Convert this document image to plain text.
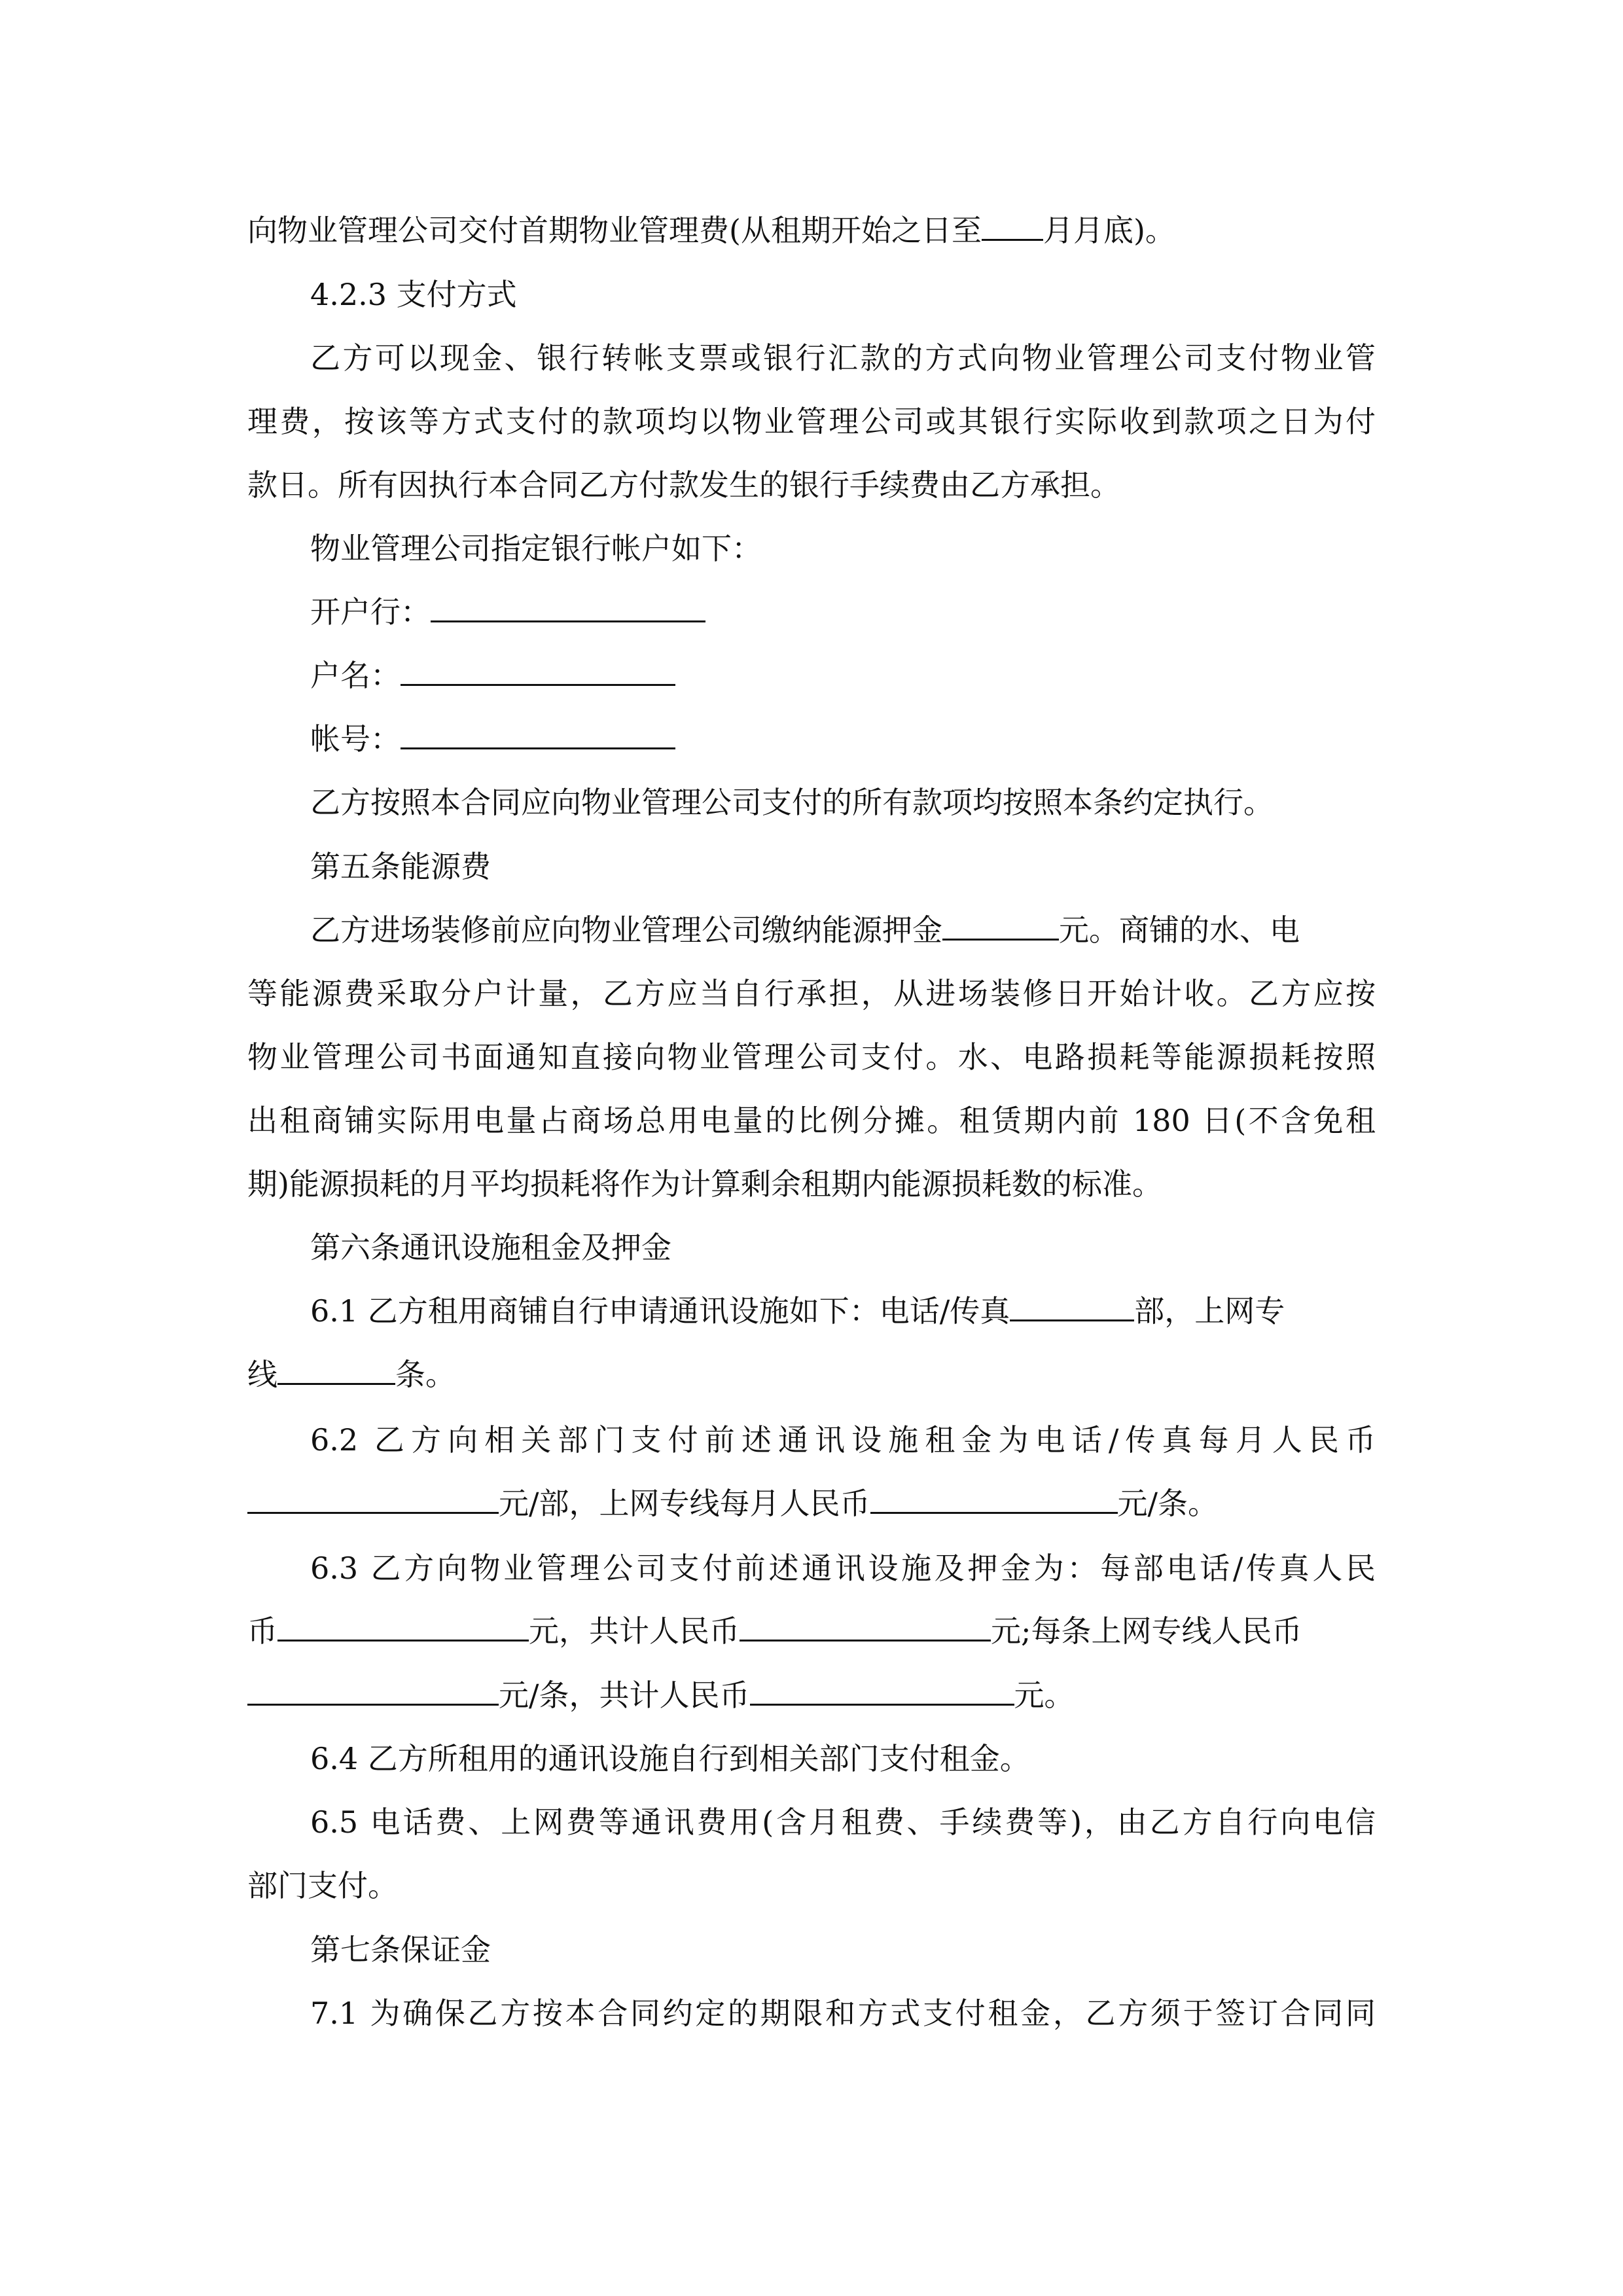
向物业管理公司交付首期物业管理费(从租期开始之日至 月月底)。
4.2.3 支付方式
乙方可以现金、银行转帐支票或银行汇款的方式向物业管理公司支付物业管
理费，按该等方式支付的款项均以物业管理公司或其银行实际收到款项之日为付
款日。所有因执行本合同乙方付款发生的银行手续费由乙方承担。
物业管理公司指定银行帐户如下：
开户行：
户名：
帐号：
乙方按照本合同应向物业管理公司支付的所有款项均按照本条约定执行。
第五条能源费
乙方进场装修前应向物业管理公司缴纳能源押金	元。商铺的水、电
等能源费采取分户计量，乙方应当自行承担，从进场装修日开始计收。乙方应按
物业管理公司书面通知直接向物业管理公司支付。水、电路损耗等能源损耗按照
出租商铺实际用电量占商场总用电量的比例分摊。租赁期内前 180 日(不含免租
期)能源损耗的月平均损耗将作为计算剩余租期内能源损耗数的标准。
第六条通讯设施租金及押金
6.1 乙方租用商铺自行申请通讯设施如下：电话/传真	部，上网专
线	条。
6.2 乙方向相关部门支付前述通讯设施租金为电话/传真每月人民币
元/部，上网专线每月人民币	元/条。
6.3 乙方向物业管理公司支付前述通讯设施及押金为：每部电话/传真人民
币	元，共计人民币	元;每条上网专线人民币
元/条，共计人民币	元。
6.4 乙方所租用的通讯设施自行到相关部门支付租金。
6.5 电话费、上网费等通讯费用(含月租费、手续费等)，由乙方自行向电信
部门支付。
第七条保证金
7.1 为确保乙方按本合同约定的期限和方式支付租金，乙方须于签订合同同
